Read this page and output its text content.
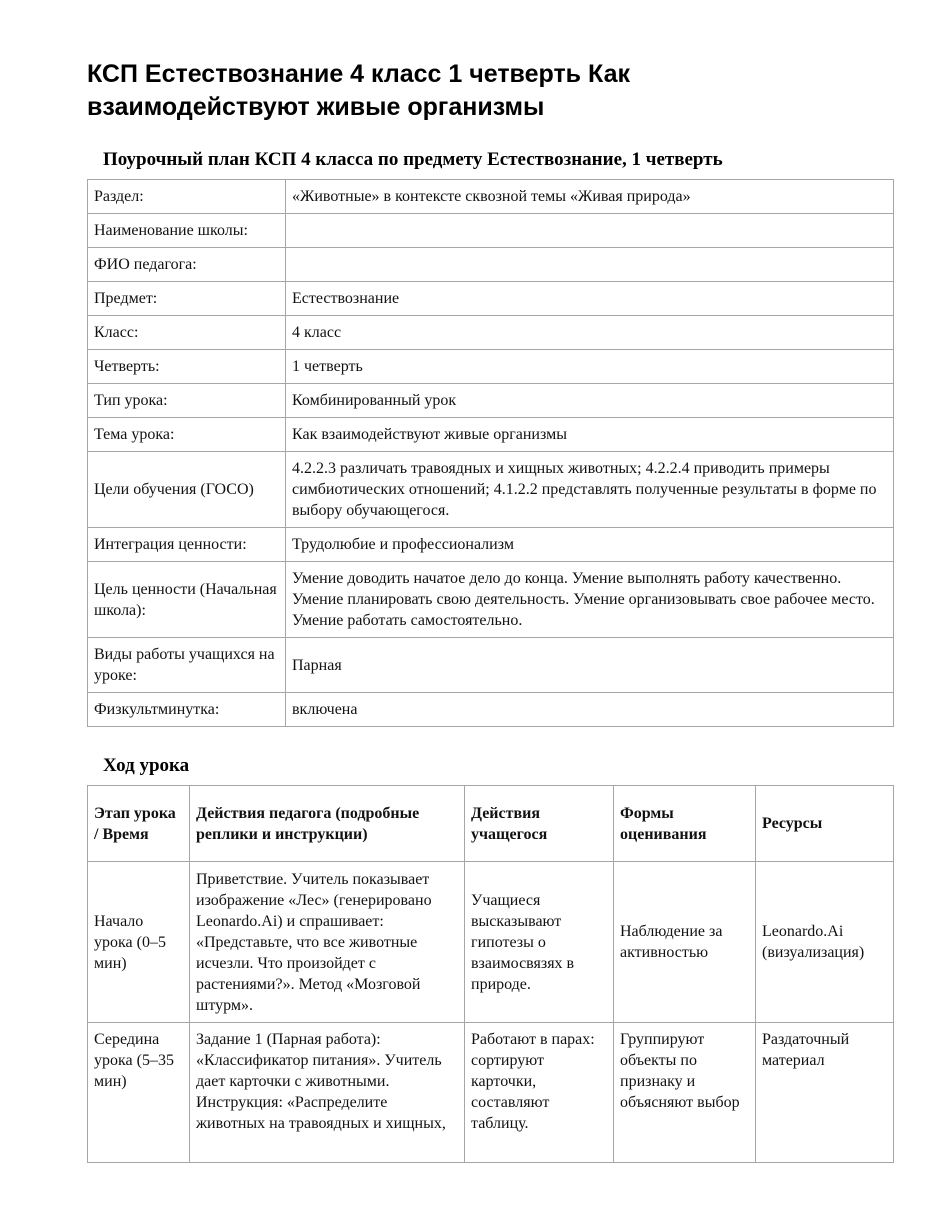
КСП Естествознание 4 класс 1 четверть Как взаимодействуют живые организмы
Поурочный план КСП 4 класса по предмету Естествознание, 1 четверть
Раздел:	«Животные» в контексте сквозной темы «Живая природа»
Наименование школы:	
ФИО педагога:	
Предмет:	Естествознание
Класс:	4 класс
Четверть:	1 четверть
Тип урока:	Комбинированный урок
Тема урока:	Как взаимодействуют живые организмы
Цели обучения (ГОСО)	4.2.2.3 различать травоядных и хищных животных; 4.2.2.4 приводить примеры симбиотических отношений; 4.1.2.2 представлять полученные результаты в форме по выбору обучающегося.
Интеграция ценности:	Трудолюбие и профессионализм
Цель ценности (Начальная школа):	Умение доводить начатое дело до конца. Умение выполнять работу качественно. Умение планировать свою деятельность. Умение организовывать свое рабочее место. Умение работать самостоятельно.
Виды работы учащихся на уроке:	Парная
Физкультминутка:	включена
Ход урока
Этап урока / Время	Действия педагога (подробные реплики и инструкции)	Действия учащегося	Формы оценивания	Ресурсы
Начало урока (0–5 мин)	Приветствие. Учитель показывает изображение «Лес» (генерировано Leonardo.Ai) и спрашивает: «Представьте, что все животные исчезли. Что произойдет с растениями?». Метод «Мозговой штурм».	Учащиеся высказывают гипотезы о взаимосвязях в природе.	Наблюдение за активностью	Leonardo.Ai (визуализация)
Середина урока (5–35 мин)	Задание 1 (Парная работа): «Классификатор питания». Учитель дает карточки с животными. Инструкция: «Распределите животных на травоядных и хищных,	Работают в парах: сортируют карточки, составляют таблицу.	Группируют объекты по признаку и объясняют выбор	Раздаточный материал
